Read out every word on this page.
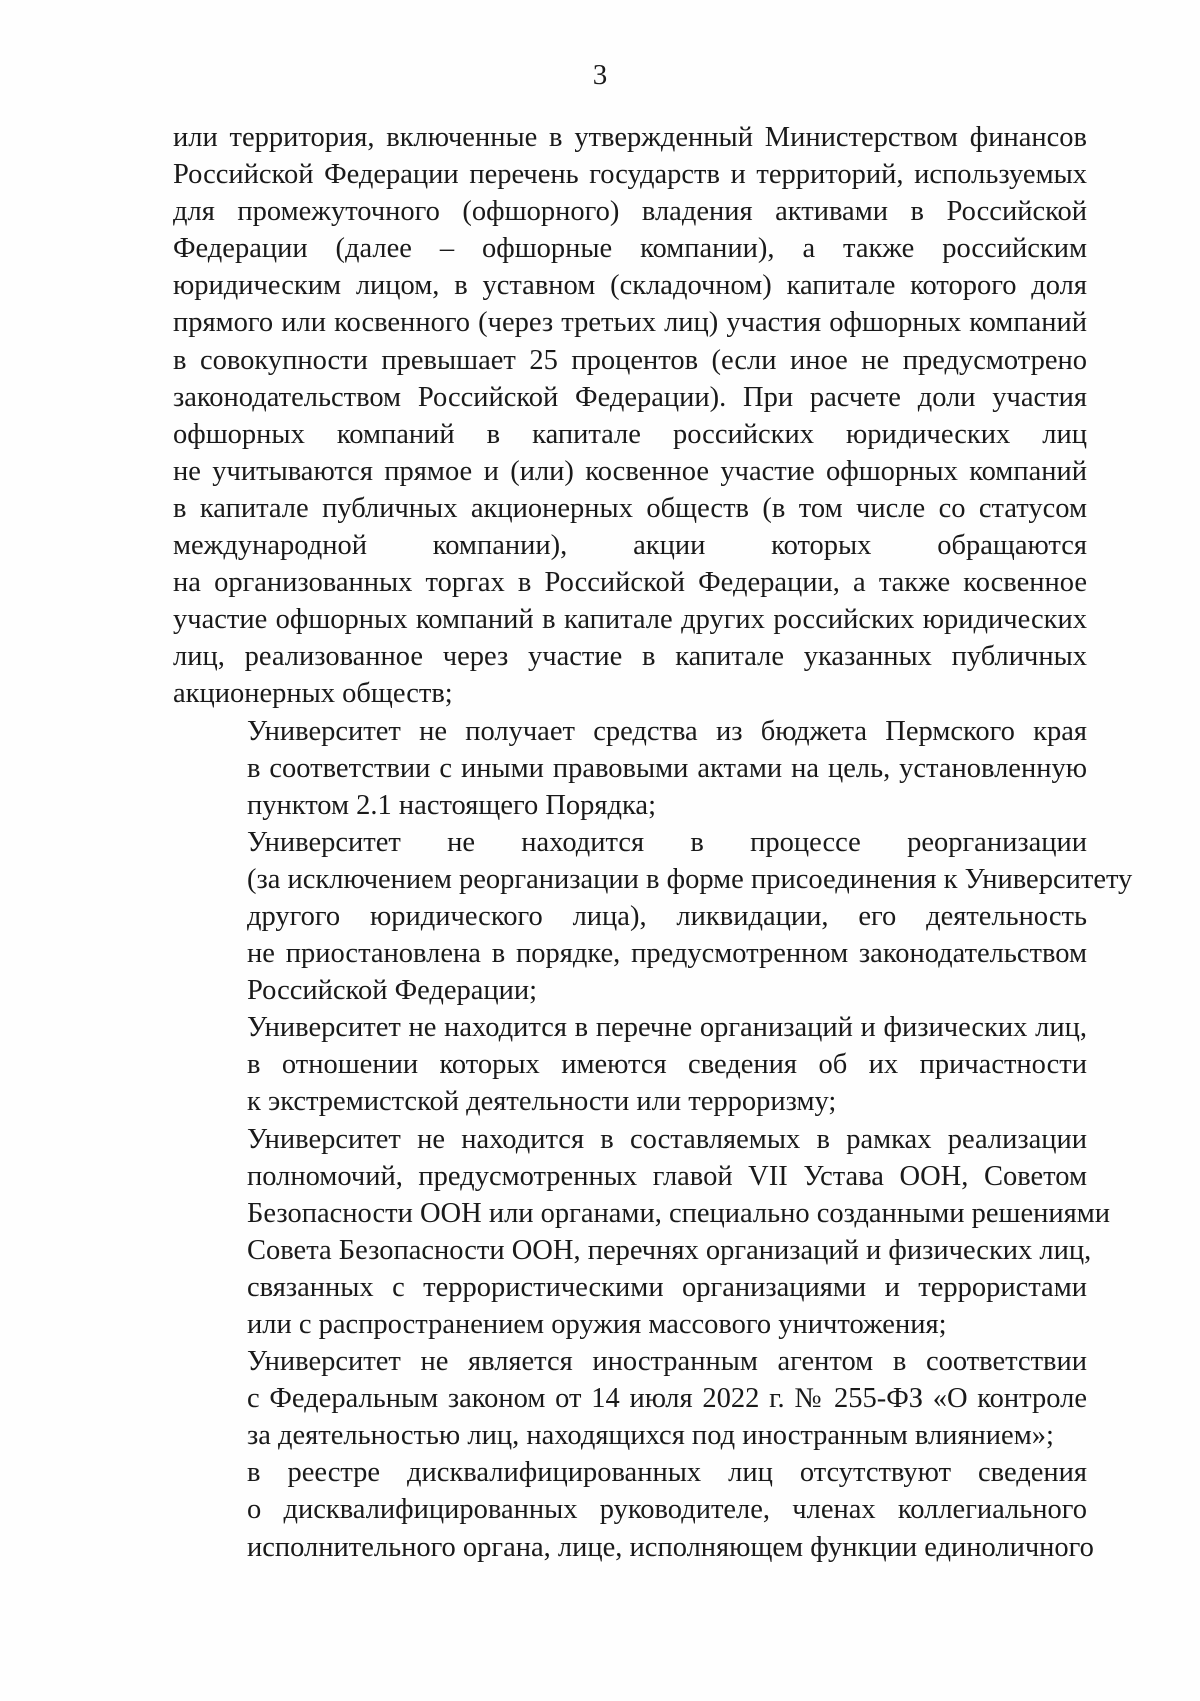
3

или территория, включенные в утвержденный Министерством финансов
Российской Федерации перечень государств и территорий, используемых
для промежуточного (офшорного) владения активами в Российской
Федерации (далее – офшорные компании), а также российским
юридическим лицом, в уставном (складочном) капитале которого доля
прямого или косвенного (через третьих лиц) участия офшорных компаний
в совокупности превышает 25 процентов (если иное не предусмотрено
законодательством Российской Федерации). При расчете доли участия
офшорных компаний в капитале российских юридических лиц
не учитываются прямое и (или) косвенное участие офшорных компаний
в капитале публичных акционерных обществ (в том числе со статусом
международной компании), акции которых обращаются
на организованных торгах в Российской Федерации, а также косвенное
участие офшорных компаний в капитале других российских юридических
лиц, реализованное через участие в капитале указанных публичных
акционерных обществ;

Университет не получает средства из бюджета Пермского края
в соответствии с иными правовыми актами на цель, установленную
пунктом 2.1 настоящего Порядка;

Университет не находится в процессе реорганизации
(за исключением реорганизации в форме присоединения к Университету
другого юридического лица), ликвидации, его деятельность
не приостановлена в порядке, предусмотренном законодательством
Российской Федерации;

Университет не находится в перечне организаций и физических лиц,
в отношении которых имеются сведения об их причастности
к экстремистской деятельности или терроризму;

Университет не находится в составляемых в рамках реализации
полномочий, предусмотренных главой VII Устава ООН, Советом
Безопасности ООН или органами, специально созданными решениями
Совета Безопасности ООН, перечнях организаций и физических лиц,
связанных с террористическими организациями и террористами
или с распространением оружия массового уничтожения;

Университет не является иностранным агентом в соответствии
с Федеральным законом от 14 июля 2022 г. № 255-ФЗ «О контроле
за деятельностью лиц, находящихся под иностранным влиянием»;

в реестре дисквалифицированных лиц отсутствуют сведения
о дисквалифицированных руководителе, членах коллегиального
исполнительного органа, лице, исполняющем функции единоличного
